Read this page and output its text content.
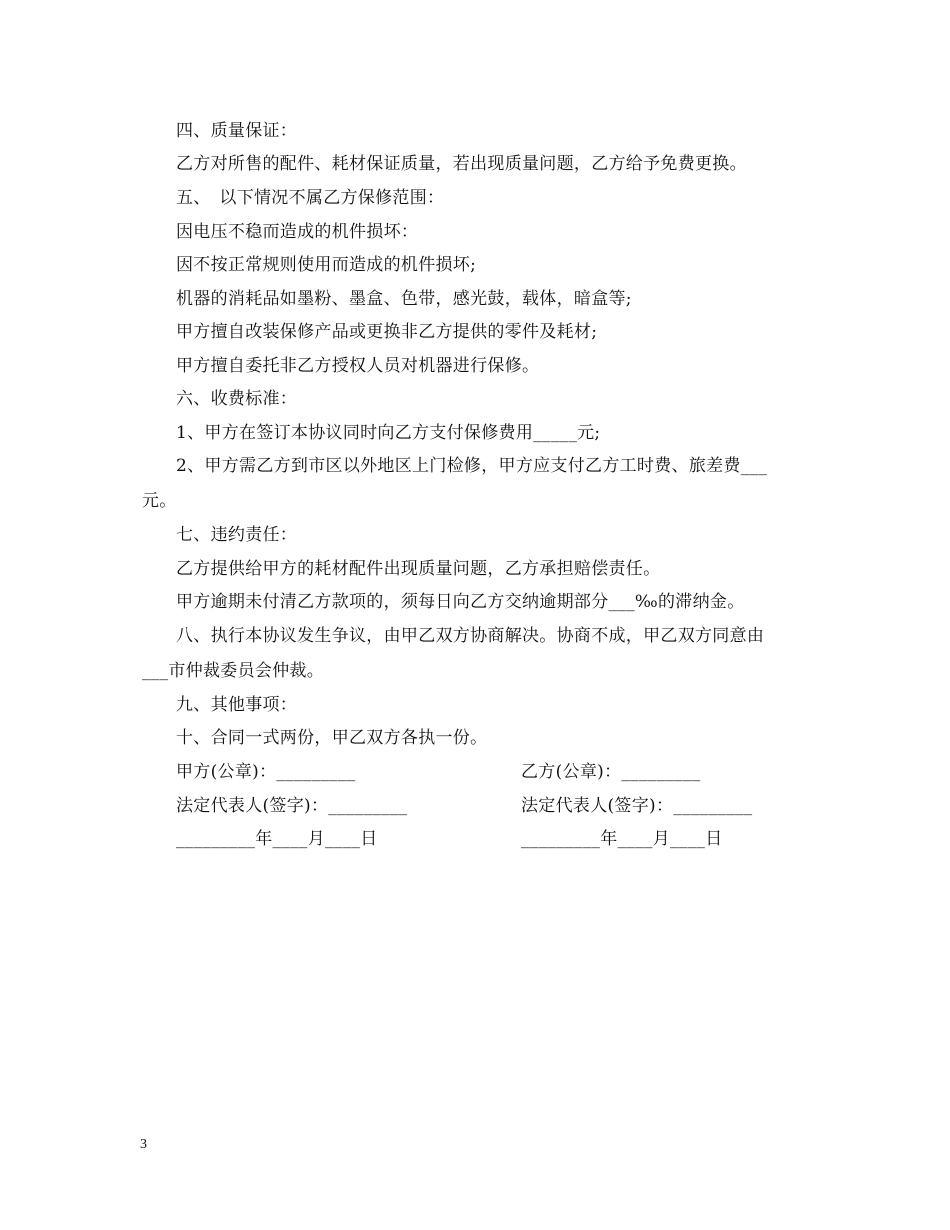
四、质量保证：
乙方对所售的配件、耗材保证质量，若出现质量问题，乙方给予免费更换。
五、　以下情况不属乙方保修范围：
因电压不稳而造成的机件损坏：
因不按正常规则使用而造成的机件损坏;
机器的消耗品如墨粉、墨盒、色带，感光鼓，载体，暗盒等;
甲方擅自改装保修产品或更换非乙方提供的零件及耗材;
甲方擅自委托非乙方授权人员对机器进行保修。
六、收费标准：
1、甲方在签订本协议同时向乙方支付保修费用_____元;
2、甲方需乙方到市区以外地区上门检修，甲方应支付乙方工时费、旅差费___
元。
七、违约责任：
乙方提供给甲方的耗材配件出现质量问题，乙方承担赔偿责任。
甲方逾期未付清乙方款项的，须每日向乙方交纳逾期部分___‰的滞纳金。
八、执行本协议发生争议，由甲乙双方协商解决。协商不成，甲乙双方同意由
___市仲裁委员会仲裁。
九、其他事项：
十、合同一式两份，甲乙双方各执一份。
甲方(公章)：_________	乙方(公章)：_________
法定代表人(签字)：_________	法定代表人(签字)：_________
_________年____月____日	_________年____月____日
3
